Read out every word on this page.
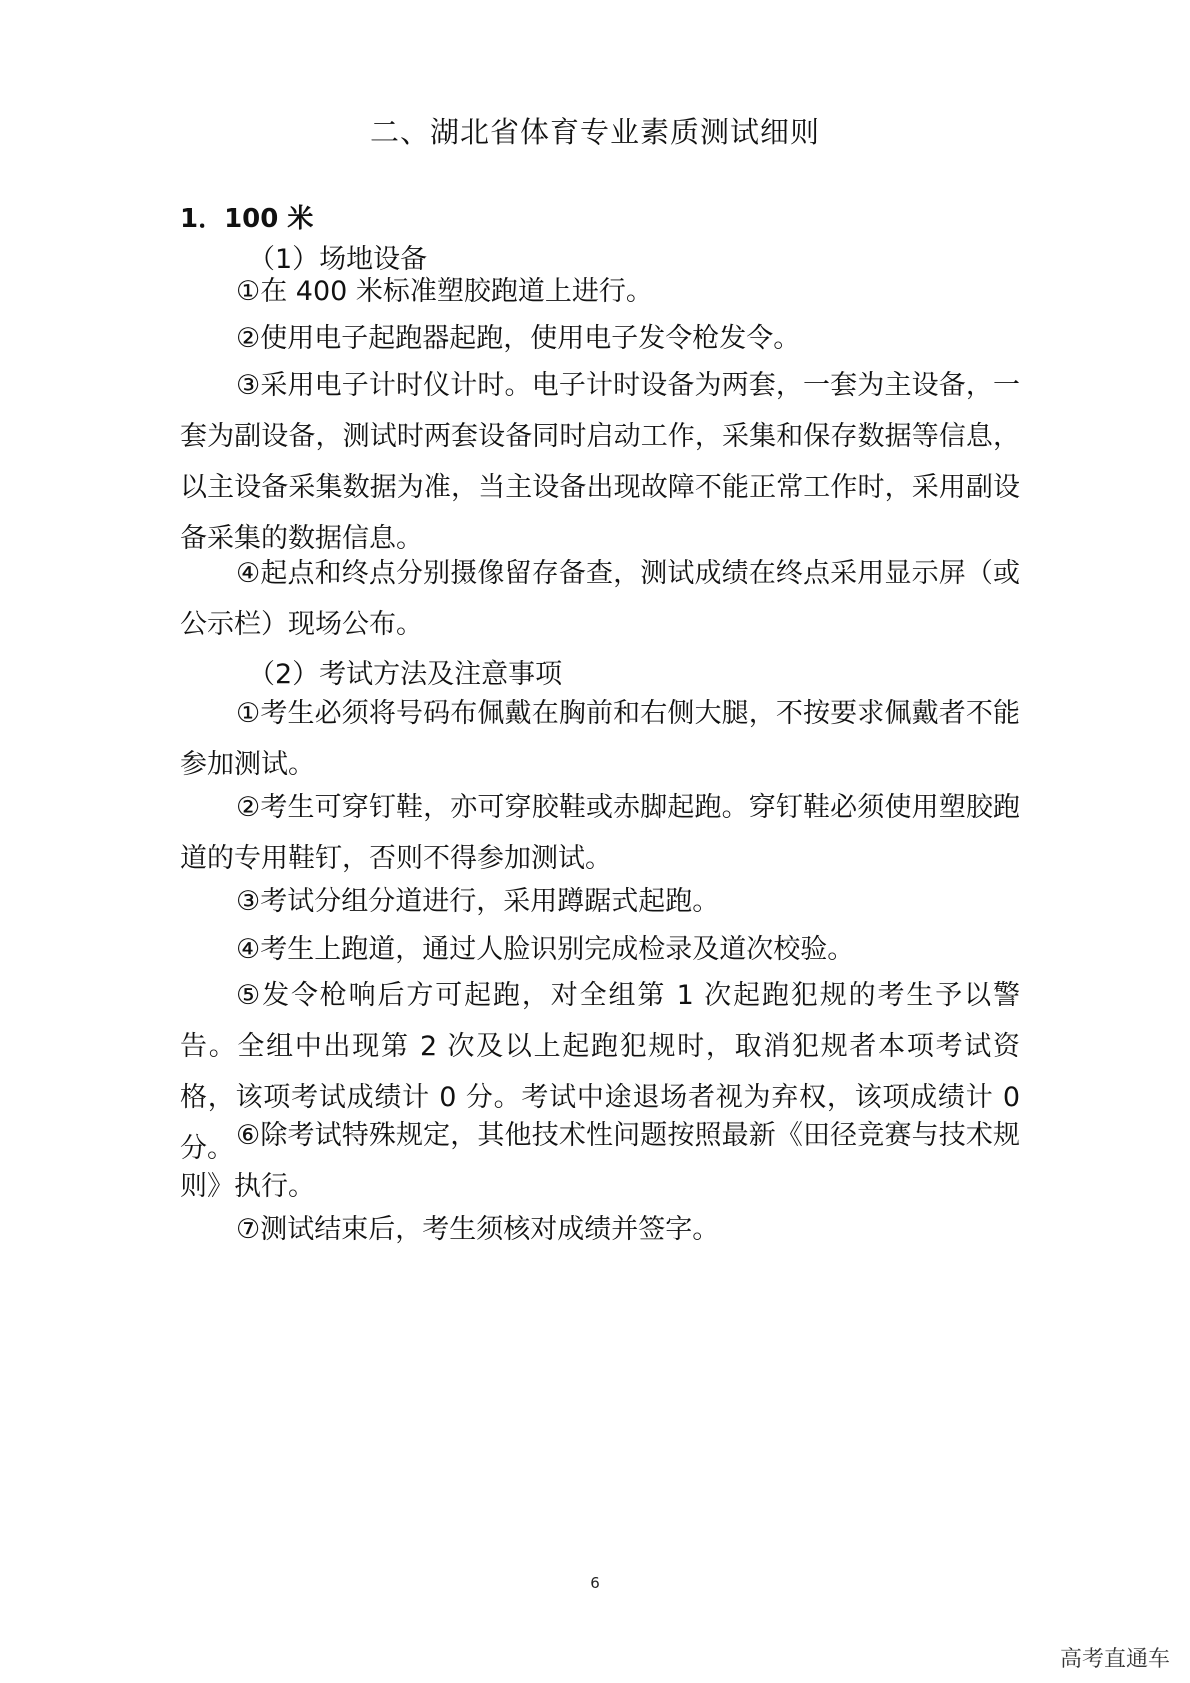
二、湖北省体育专业素质测试细则
1．100 米
（1）场地设备
①在 400 米标准塑胶跑道上进行。
②使用电子起跑器起跑，使用电子发令枪发令。
③采用电子计时仪计时。电子计时设备为两套，一套为主设备，一套为副设备，测试时两套设备同时启动工作，采集和保存数据等信息，以主设备采集数据为准，当主设备出现故障不能正常工作时，采用副设备采集的数据信息。
④起点和终点分别摄像留存备查，测试成绩在终点采用显示屏（或公示栏）现场公布。
（2）考试方法及注意事项
①考生必须将号码布佩戴在胸前和右侧大腿，不按要求佩戴者不能参加测试。
②考生可穿钉鞋，亦可穿胶鞋或赤脚起跑。穿钉鞋必须使用塑胶跑道的专用鞋钉，否则不得参加测试。
③考试分组分道进行，采用蹲踞式起跑。
④考生上跑道，通过人脸识别完成检录及道次校验。
⑤发令枪响后方可起跑，对全组第 1 次起跑犯规的考生予以警告。全组中出现第 2 次及以上起跑犯规时，取消犯规者本项考试资格，该项考试成绩计 0 分。考试中途退场者视为弃权，该项成绩计 0 分。 ⑥除考试特殊规定，其他技术性问题按照最新《田径竞赛与技术规则》执行。
⑦测试结束后，考生须核对成绩并签字。
6
高考直通车
